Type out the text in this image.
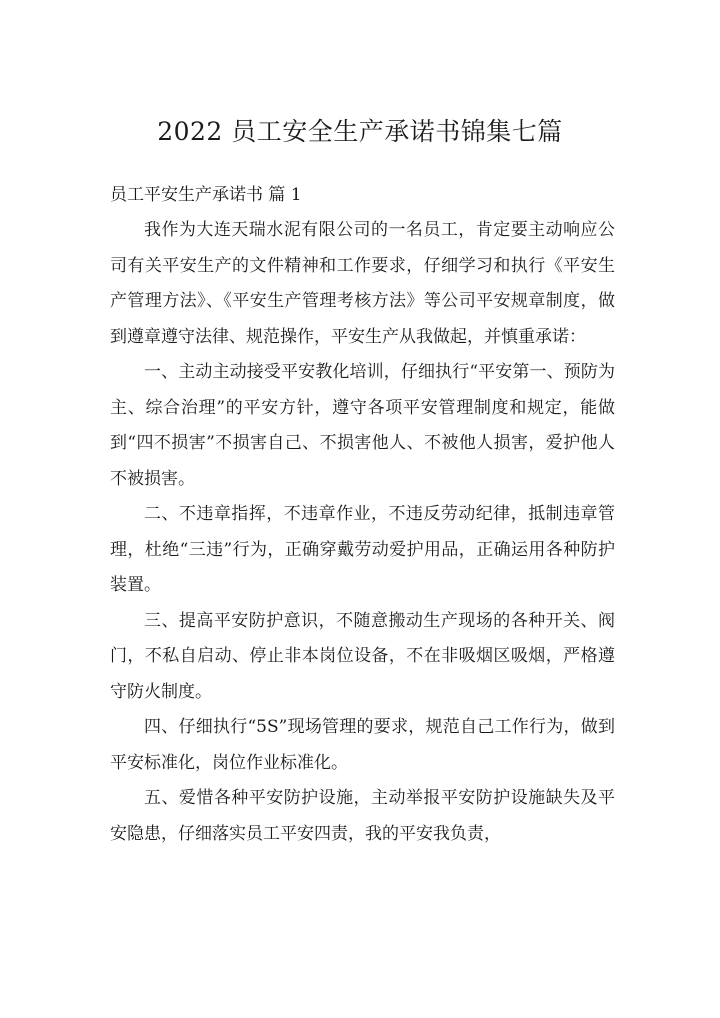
2022 员工安全生产承诺书锦集七篇
员工平安生产承诺书 篇 1

我作为大连天瑞水泥有限公司的一名员工，肯定要主动响应公司有关平安生产的文件精神和工作要求，仔细学习和执行《平安生产管理方法》、《平安生产管理考核方法》等公司平安规章制度，做到遵章遵守法律、规范操作，平安生产从我做起，并慎重承诺：

一、主动主动接受平安教化培训，仔细执行“平安第一、预防为主、综合治理”的平安方针，遵守各项平安管理制度和规定，能做到“四不损害”不损害自己、不损害他人、不被他人损害，爱护他人不被损害。

二、不违章指挥，不违章作业，不违反劳动纪律，抵制违章管理，杜绝“三违”行为，正确穿戴劳动爱护用品，正确运用各种防护装置。

三、提高平安防护意识，不随意搬动生产现场的各种开关、阀门，不私自启动、停止非本岗位设备，不在非吸烟区吸烟，严格遵守防火制度。

四、仔细执行“5S”现场管理的要求，规范自己工作行为，做到平安标准化，岗位作业标准化。

五、爱惜各种平安防护设施，主动举报平安防护设施缺失及平安隐患，仔细落实员工平安四责，我的平安我负责，
